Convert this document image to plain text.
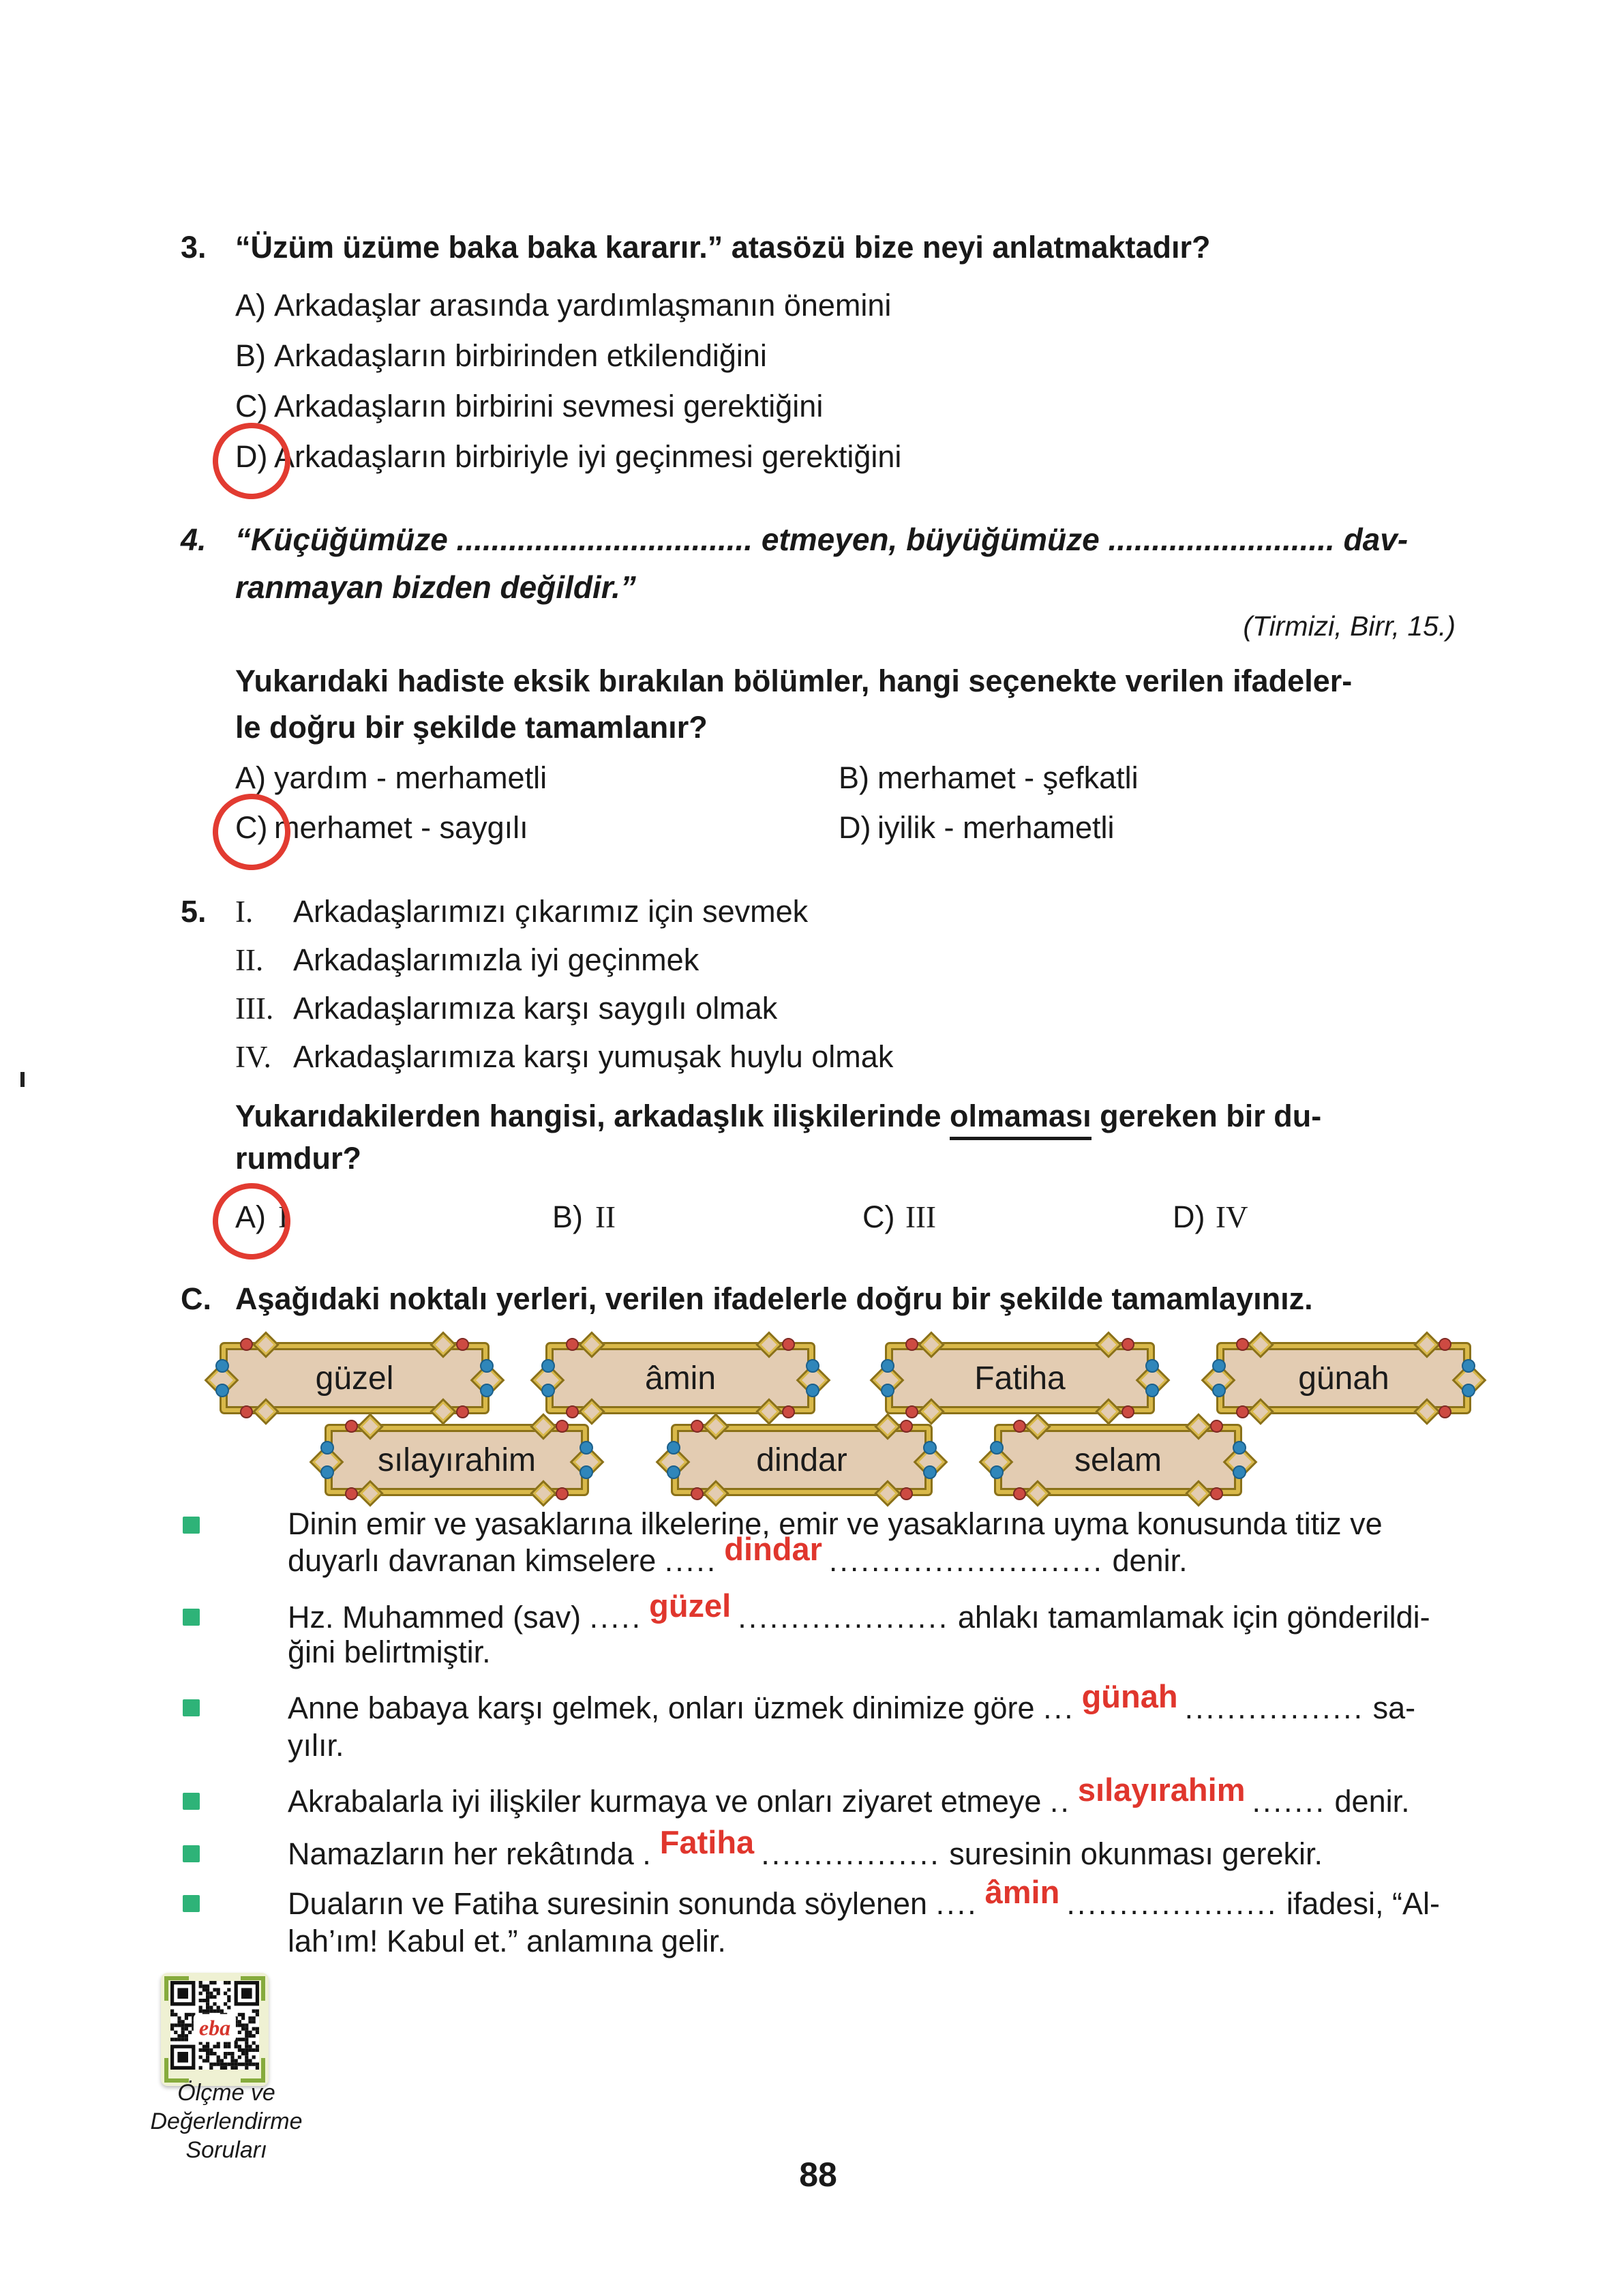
3. “Üzüm üzüme baka baka kararır.” atasözü bize neyi anlatmaktadır?
A) Arkadaşlar arasında yardımlaşmanın önemini
B) Arkadaşların birbirinden etkilendiğini
C) Arkadaşların birbirini sevmesi gerektiğini
D) Arkadaşların birbiriyle iyi geçinmesi gerektiğini
4. “Küçüğümüze .................................. etmeyen, büyüğümüze .......................... dav-
ranmayan bizden değildir.”
(Tirmizi, Birr, 15.)
Yukarıdaki hadiste eksik bırakılan bölümler, hangi seçenekte verilen ifadeler-
le doğru bir şekilde tamamlanır?
A) yardım - merhametli	B) merhamet - şefkatli
C) merhamet - saygılı	D) iyilik - merhametli
5. I. Arkadaşlarımızı çıkarımız için sevmek
II. Arkadaşlarımızla iyi geçinmek
III. Arkadaşlarımıza karşı saygılı olmak
IV. Arkadaşlarımıza karşı yumuşak huylu olmak
Yukarıdakilerden hangisi, arkadaşlık ilişkilerinde olmaması gereken bir du-
rumdur?
A) I	B) II	C) III	D) IV
C. Aşağıdaki noktalı yerleri, verilen ifadelerle doğru bir şekilde tamamlayınız.
güzel	âmin	Fatiha	günah
sılayırahim	dindar	selam
Dinin emir ve yasaklarına ilkelerine, emir ve yasaklarına uyma konusunda titiz ve
duyarlı davranan kimselere ..... dindar .......................... denir.
Hz. Muhammed (sav) ..... güzel .................... ahlakı tamamlamak için gönderildi-
ğini belirtmiştir.
Anne babaya karşı gelmek, onları üzmek dinimize göre ... günah ................. sa-
yılır.
Akrabalarla iyi ilişkiler kurmaya ve onları ziyaret etmeye .. sılayırahim ....... denir.
Namazların her rekâtında . Fatiha ................. suresinin okunması gerekir.
Duaların ve Fatiha suresinin sonunda söylenen .... âmin .................... ifadesi, “Al-
lah’ım! Kabul et.” anlamına gelir.
eba
Ölçme ve
Değerlendirme
Soruları
88
